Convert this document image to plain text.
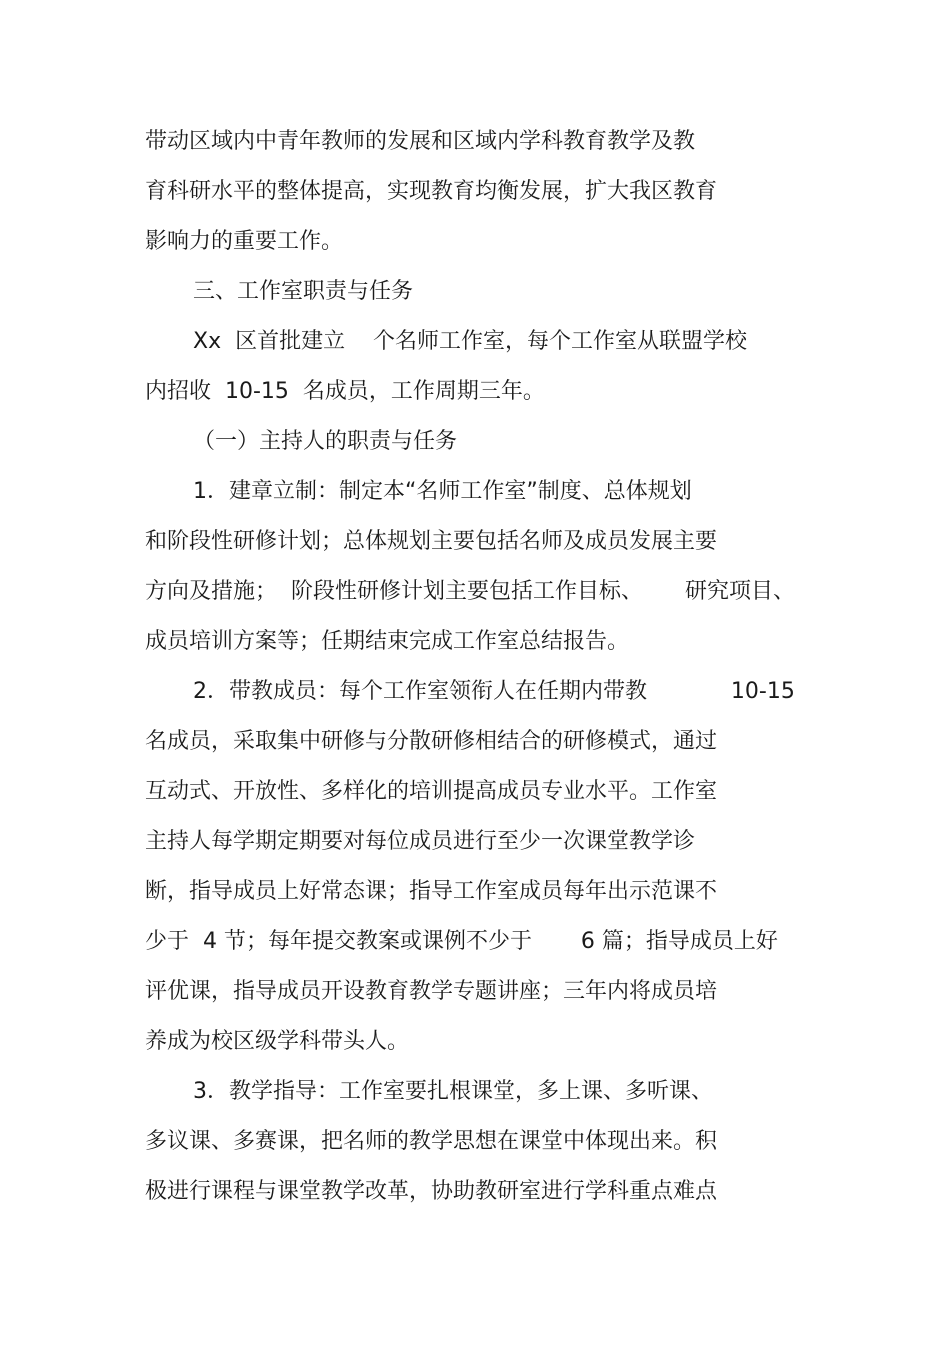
带动区域内中青年教师的发展和区域内学科教育教学及教
育科研水平的整体提高，实现教育均衡发展，扩大我区教育
影响力的重要工作。
三、工作室职责与任务
Xx  区首批建立    个名师工作室，每个工作室从联盟学校
内招收  10-15  名成员，工作周期三年。
（一）主持人的职责与任务
1．建章立制：制定本“名师工作室”制度、总体规划
和阶段性研修计划；总体规划主要包括名师及成员发展主要
方向及措施；  阶段性研修计划主要包括工作目标、      研究项目、
成员培训方案等；任期结束完成工作室总结报告。
2．带教成员：每个工作室领衔人在任期内带教            10-15
名成员，采取集中研修与分散研修相结合的研修模式，通过
互动式、开放性、多样化的培训提高成员专业水平。工作室
主持人每学期定期要对每位成员进行至少一次课堂教学诊
断，指导成员上好常态课；指导工作室成员每年出示范课不
少于  4 节；每年提交教案或课例不少于       6 篇；指导成员上好
评优课，指导成员开设教育教学专题讲座；三年内将成员培
养成为校区级学科带头人。
3．教学指导：工作室要扎根课堂，多上课、多听课、
多议课、多赛课，把名师的教学思想在课堂中体现出来。积
极进行课程与课堂教学改革，协助教研室进行学科重点难点
